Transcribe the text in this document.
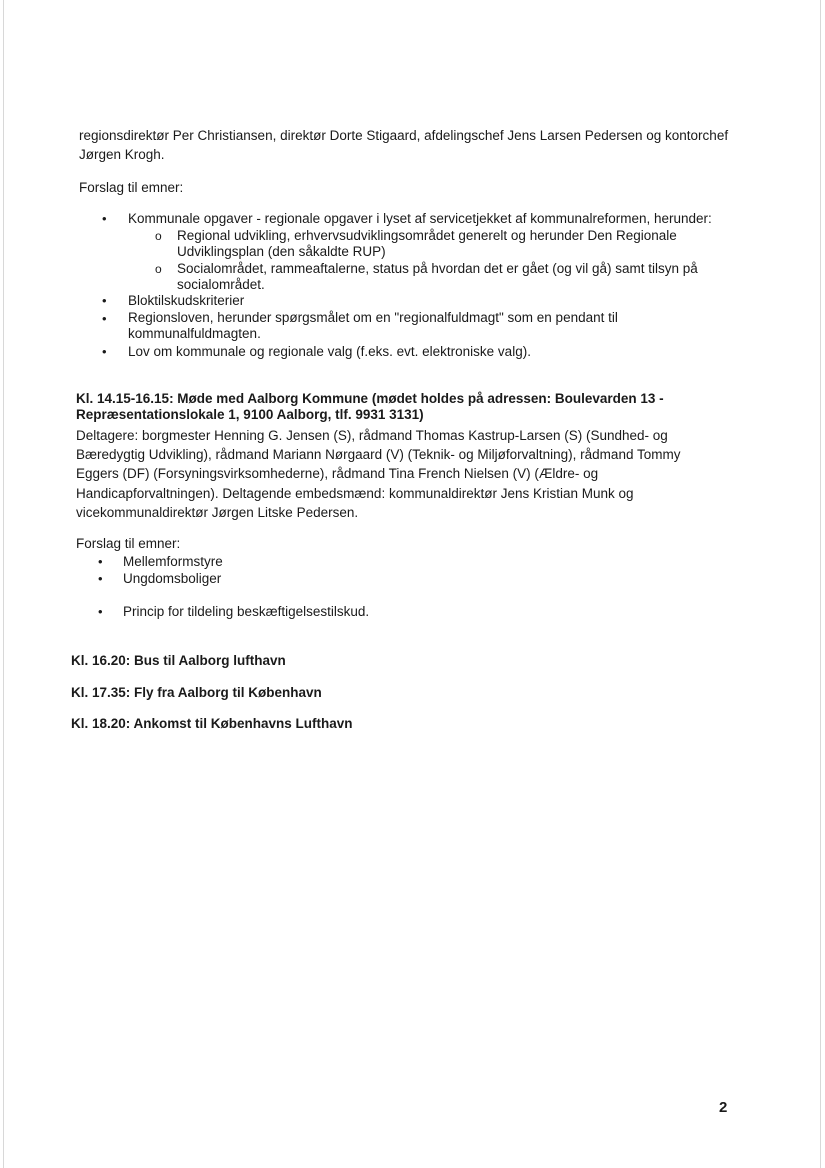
regionsdirektør Per Christiansen, direktør Dorte Stigaard, afdelingschef Jens Larsen Pedersen og kontorchef
Jørgen Krogh.
Forslag til emner:
• Kommunale opgaver - regionale opgaver i lyset af servicetjekket af kommunalreformen, herunder:
o Regional udvikling, erhvervsudviklingsområdet generelt og herunder Den Regionale
Udviklingsplan (den såkaldte RUP)
o Socialområdet, rammeaftalerne, status på hvordan det er gået (og vil gå) samt tilsyn på
socialområdet.
• Bloktilskudskriterier
• Regionsloven, herunder spørgsmålet om en "regionalfuldmagt" som en pendant til
kommunalfuldmagten.
• Lov om kommunale og regionale valg (f.eks. evt. elektroniske valg).
Kl. 14.15-16.15: Møde med Aalborg Kommune (mødet holdes på adressen: Boulevarden 13 -
Repræsentationslokale 1, 9100 Aalborg, tlf. 9931 3131)
Deltagere: borgmester Henning G. Jensen (S), rådmand Thomas Kastrup-Larsen (S) (Sundhed- og
Bæredygtig Udvikling), rådmand Mariann Nørgaard (V) (Teknik- og Miljøforvaltning), rådmand Tommy
Eggers (DF) (Forsyningsvirksomhederne), rådmand Tina French Nielsen (V) (Ældre- og
Handicapforvaltningen). Deltagende embedsmænd: kommunaldirektør Jens Kristian Munk og
vicekommunaldirektør Jørgen Litske Pedersen.
Forslag til emner:
• Mellemformstyre
• Ungdomsboliger
• Princip for tildeling beskæftigelsestilskud.
Kl. 16.20: Bus til Aalborg lufthavn
Kl. 17.35: Fly fra Aalborg til København
Kl. 18.20: Ankomst til Københavns Lufthavn
2
